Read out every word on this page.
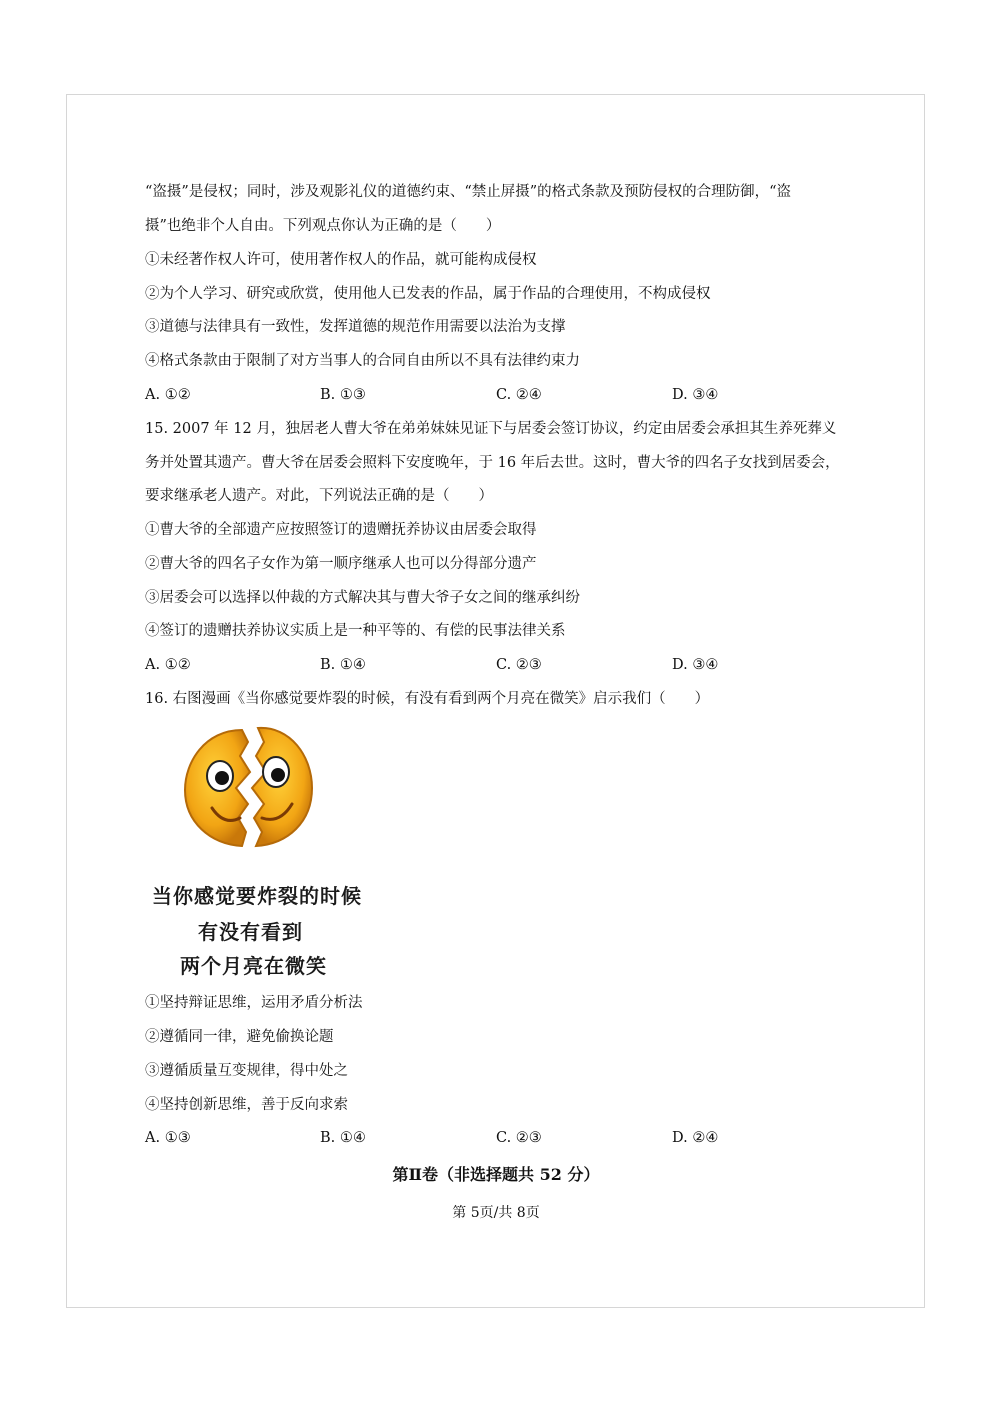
“盗摄”是侵权；同时，涉及观影礼仪的道德约束、“禁止屏摄”的格式条款及预防侵权的合理防御，“盗
摄”也绝非个人自由。下列观点你认为正确的是（　　）
①未经著作权人许可，使用著作权人的作品，就可能构成侵权
②为个人学习、研究或欣赏，使用他人已发表的作品，属于作品的合理使用，不构成侵权
③道德与法律具有一致性，发挥道德的规范作用需要以法治为支撑
④格式条款由于限制了对方当事人的合同自由所以不具有法律约束力
A. ①②	B. ①③	C. ②④	D. ③④
15. 2007 年 12 月，独居老人曹大爷在弟弟妹妹见证下与居委会签订协议，约定由居委会承担其生养死葬义
务并处置其遗产。曹大爷在居委会照料下安度晚年，于 16 年后去世。这时，曹大爷的四名子女找到居委会，
要求继承老人遗产。对此，下列说法正确的是（　　）
①曹大爷的全部遗产应按照签订的遗赠抚养协议由居委会取得
②曹大爷的四名子女作为第一顺序继承人也可以分得部分遗产
③居委会可以选择以仲裁的方式解决其与曹大爷子女之间的继承纠纷
④签订的遗赠扶养协议实质上是一种平等的、有偿的民事法律关系
A. ①②	B. ①④	C. ②③	D. ③④
16. 右图漫画《当你感觉要炸裂的时候，有没有看到两个月亮在微笑》启示我们（　　）
当你感觉要炸裂的时候
有没有看到
两个月亮在微笑
①坚持辩证思维，运用矛盾分析法
②遵循同一律，避免偷换论题
③遵循质量互变规律，得中处之
④坚持创新思维，善于反向求索
A. ①③	B. ①④	C. ②③	D. ②④
第Ⅱ卷（非选择题共 52 分）
第 5页/共 8页
